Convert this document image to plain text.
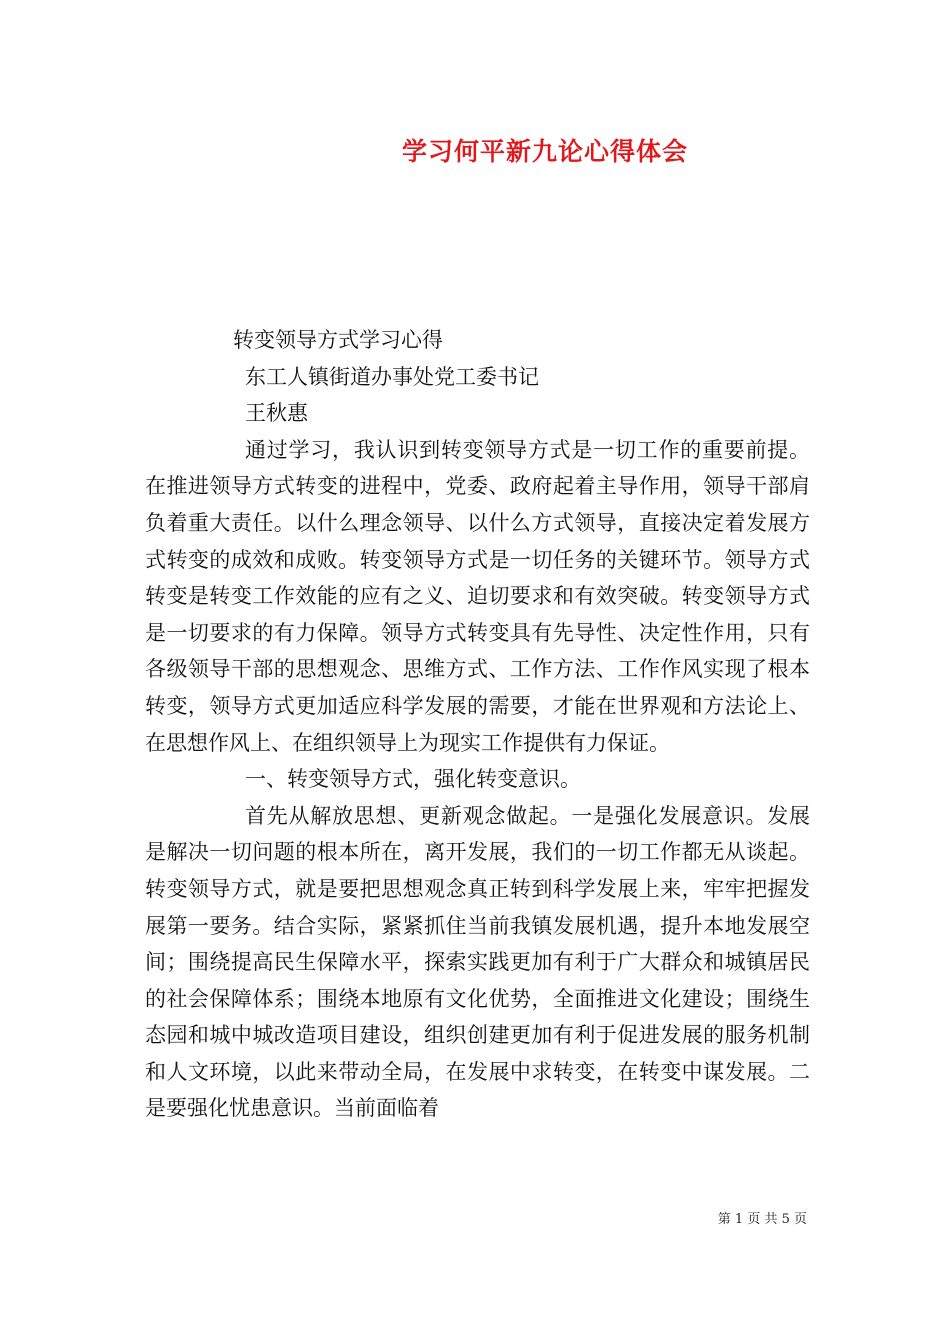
学习何平新九论心得体会

转变领导方式学习心得

东工人镇街道办事处党工委书记

王秋惠

通过学习，我认识到转变领导方式是一切工作的重要前提。在推进领导方式转变的进程中，党委、政府起着主导作用，领导干部肩负着重大责任。以什么理念领导、以什么方式领导，直接决定着发展方式转变的成效和成败。转变领导方式是一切任务的关键环节。领导方式转变是转变工作效能的应有之义、迫切要求和有效突破。转变领导方式是一切要求的有力保障。领导方式转变具有先导性、决定性作用，只有各级领导干部的思想观念、思维方式、工作方法、工作作风实现了根本转变，领导方式更加适应科学发展的需要，才能在世界观和方法论上、在思想作风上、在组织领导上为现实工作提供有力保证。

一、转变领导方式，强化转变意识。

首先从解放思想、更新观念做起。一是强化发展意识。发展是解决一切问题的根本所在，离开发展，我们的一切工作都无从谈起。转变领导方式，就是要把思想观念真正转到科学发展上来，牢牢把握发展第一要务。结合实际，紧紧抓住当前我镇发展机遇，提升本地发展空间；围绕提高民生保障水平，探索实践更加有利于广大群众和城镇居民的社会保障体系；围绕本地原有文化优势，全面推进文化建设；围绕生态园和城中城改造项目建设，组织创建更加有利于促进发展的服务机制和人文环境，以此来带动全局，在发展中求转变，在转变中谋发展。二是要强化忧患意识。当前面临着

第 1 页 共 5 页
